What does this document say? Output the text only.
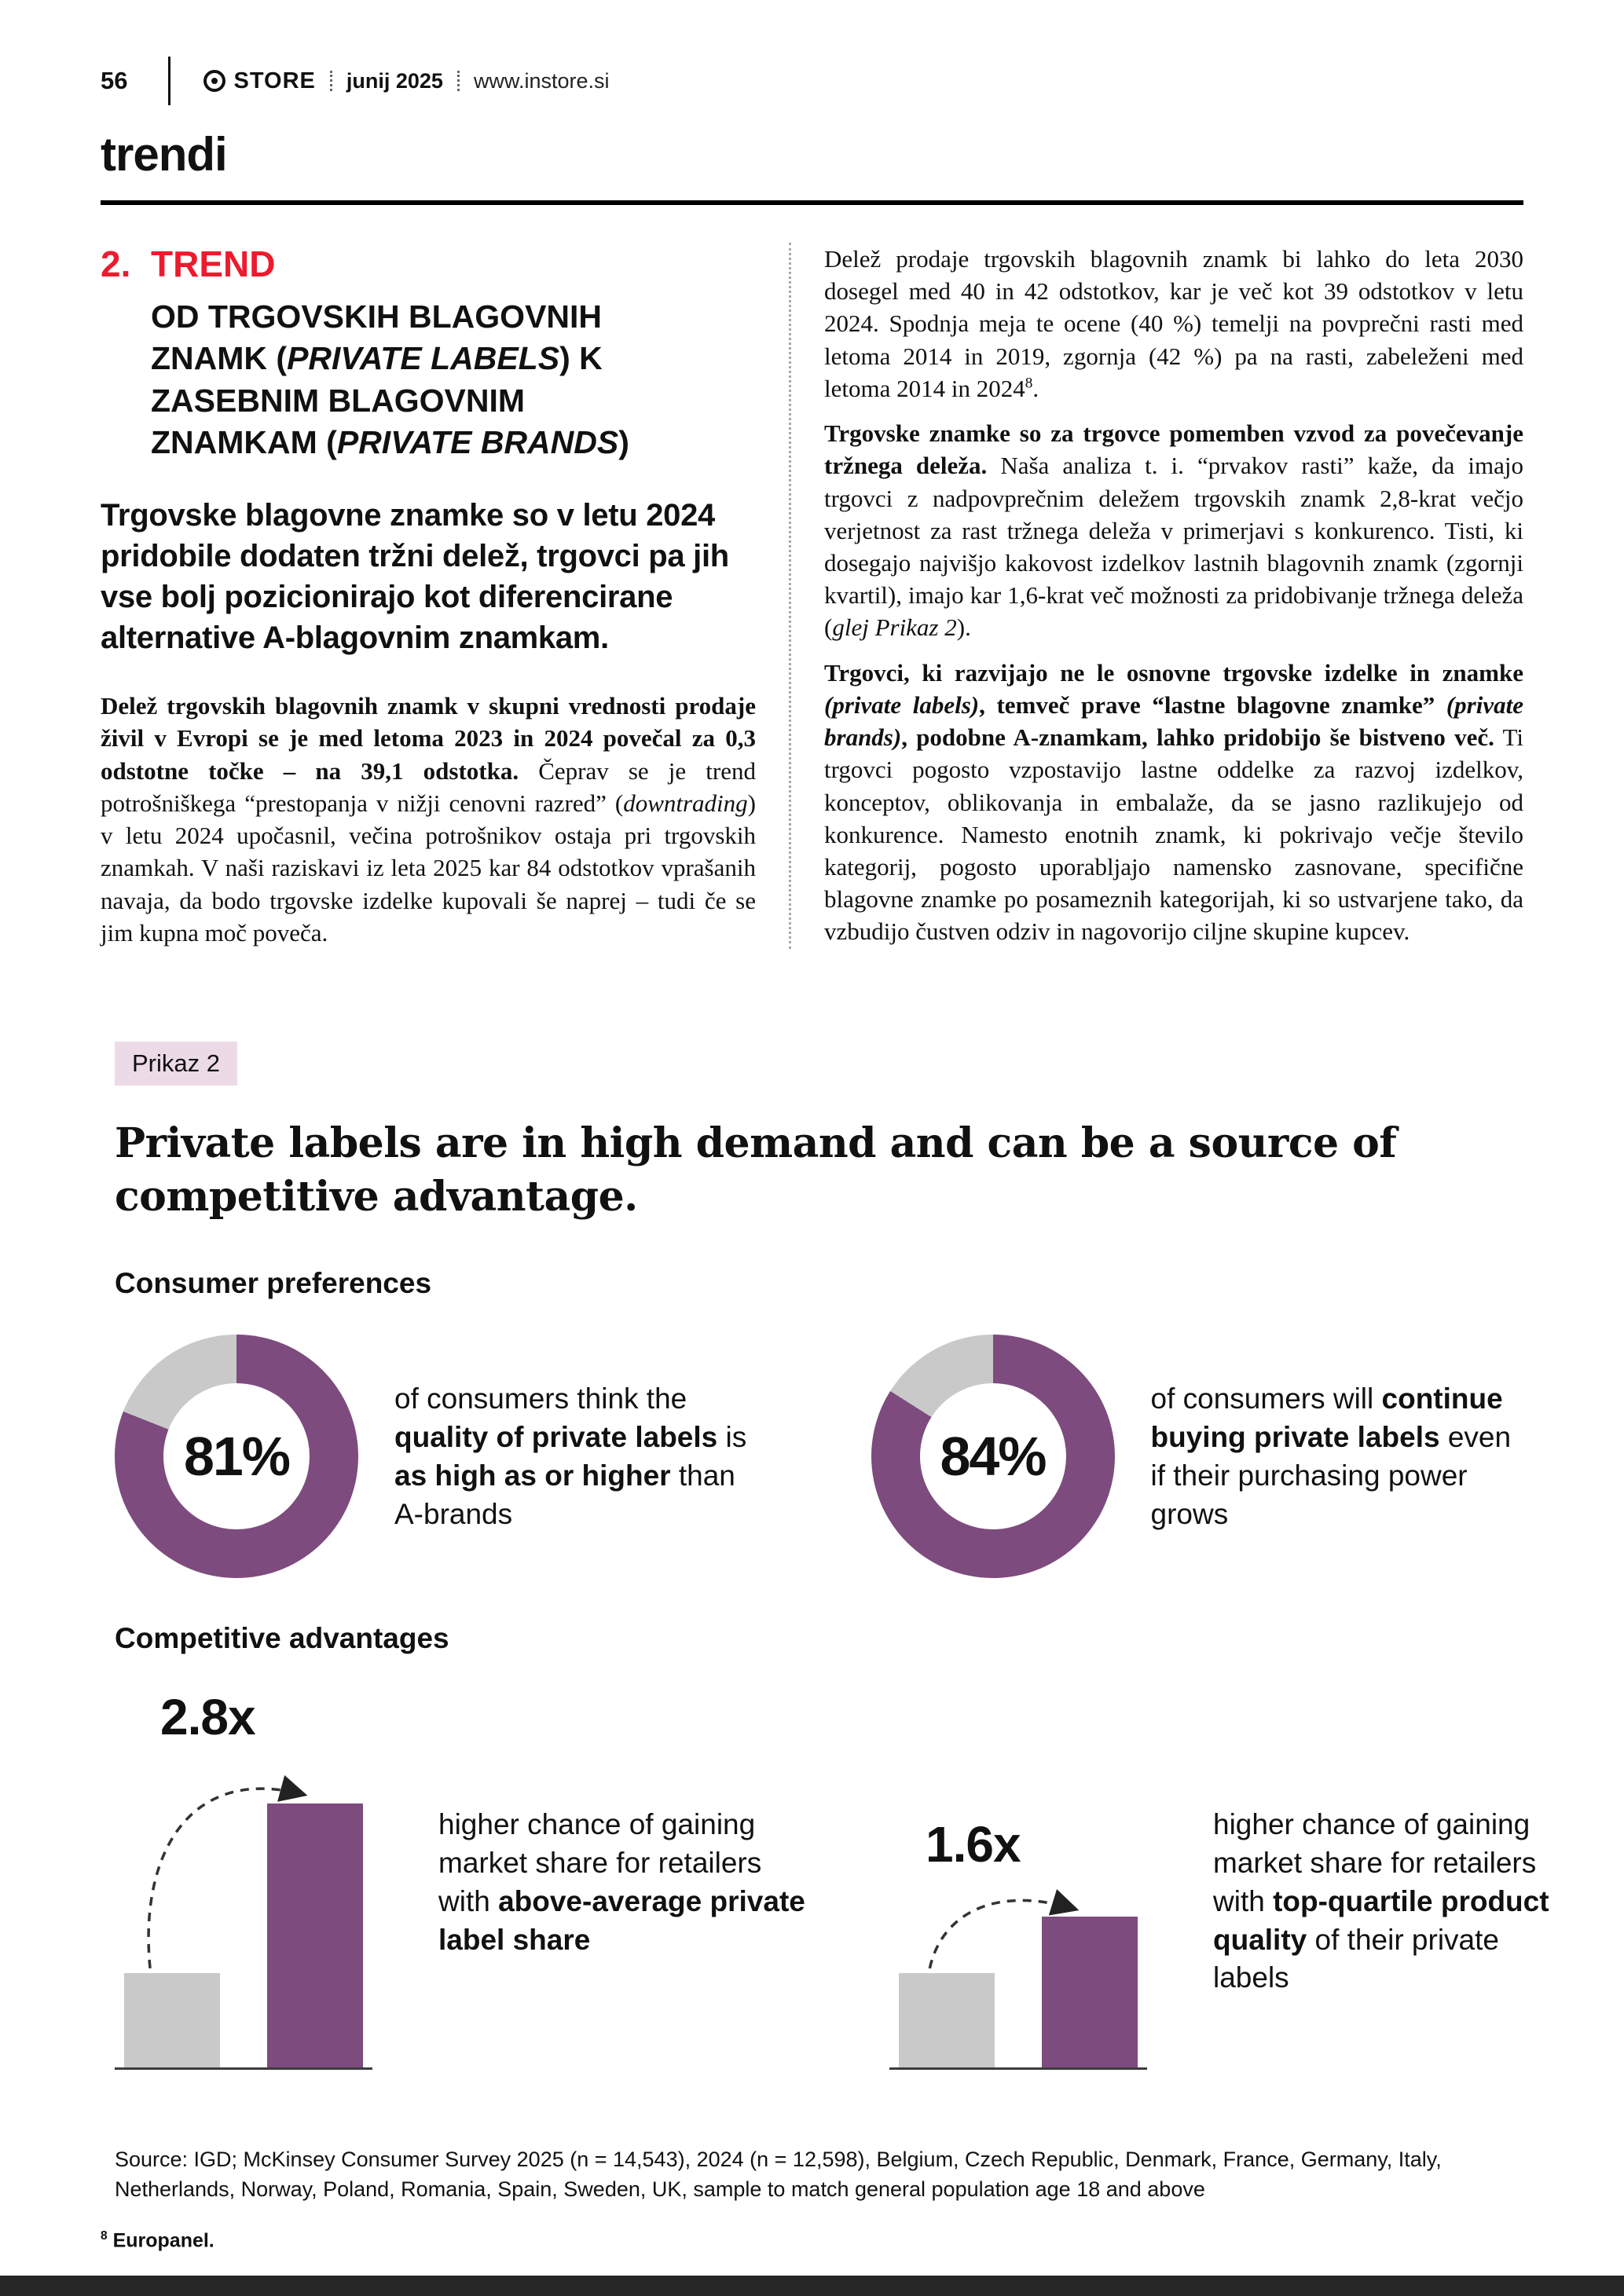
56	STORE junij 2025 www.instore.si
trendi
2. TREND
OD TRGOVSKIH BLAGOVNIH ZNAMK (PRIVATE LABELS) K ZASEBNIM BLAGOVNIM ZNAMKAM (PRIVATE BRANDS)

Trgovske blagovne znamke so v letu 2024 pridobile dodaten tržni delež, trgovci pa jih vse bolj pozicionirajo kot diferencirane alternative A-blagovnim znamkam.

Delež trgovskih blagovnih znamk v skupni vrednosti prodaje živil v Evropi se je med letoma 2023 in 2024 povečal za 0,3 odstotne točke – na 39,1 odstotka. Čeprav se je trend potrošniškega “prestopanja v nižji cenovni razred” (downtrading) v letu 2024 upočasnil, večina potrošnikov ostaja pri trgovskih znamkah. V naši raziskavi iz leta 2025 kar 84 odstotkov vprašanih navaja, da bodo trgovske izdelke kupovali še naprej – tudi če se jim kupna moč poveča.

Delež prodaje trgovskih blagovnih znamk bi lahko do leta 2030 dosegel med 40 in 42 odstotkov, kar je več kot 39 odstotkov v letu 2024. Spodnja meja te ocene (40 %) temelji na povprečni rasti med letoma 2014 in 2019, zgornja (42 %) pa na rasti, zabeleženi med letoma 2014 in 2024$^8$.

Trgovske znamke so za trgovce pomemben vzvod za povečevanje tržnega deleža. Naša analiza t. i. “prvakov rasti” kaže, da imajo trgovci z nadpovprečnim deležem trgovskih znamk 2,8-krat večjo verjetnost za rast tržnega deleža v primerjavi s konkurenco. Tisti, ki dosegajo najvišjo kakovost izdelkov lastnih blagovnih znamk (zgornji kvartil), imajo kar 1,6-krat več možnosti za pridobivanje tržnega deleža (glej Prikaz 2).

Trgovci, ki razvijajo ne le osnovne trgovske izdelke in znamke (private labels), temveč prave “lastne blagovne znamke” (private brands), podobne A-znamkam, lahko pridobijo še bistveno več. Ti trgovci pogosto vzpostavijo lastne oddelke za razvoj izdelkov, konceptov, oblikovanja in embalaže, da se jasno razlikujejo od konkurence. Namesto enotnih znamk, ki pokrivajo večje število kategorij, pogosto uporabljajo namensko zasnovane, specifične blagovne znamke po posameznih kategorijah, ki so ustvarjene tako, da vzbudijo čustven odziv in nagovorijo ciljne skupine kupcev.

Prikaz 2
Private labels are in high demand and can be a source of competitive advantage.
Consumer preferences
81%

of consumers think the quality of private labels is as high as or higher than A-brands

84%

of consumers will continue buying private labels even if their purchasing power grows

Competitive advantages
2.8x

higher chance of gaining market share for retailers with above-average private label share

1.6x	higher chance of gaining market share for retailers with top-quartile product quality of their private labels

Source: IGD; McKinsey Consumer Survey 2025 (n = 14,543), 2024 (n = 12,598), Belgium, Czech Republic, Denmark, France, Germany, Italy, Netherlands, Norway, Poland, Romania, Spain, Sweden, UK, sample to match general population age 18 and above

$^8$ Europanel.
